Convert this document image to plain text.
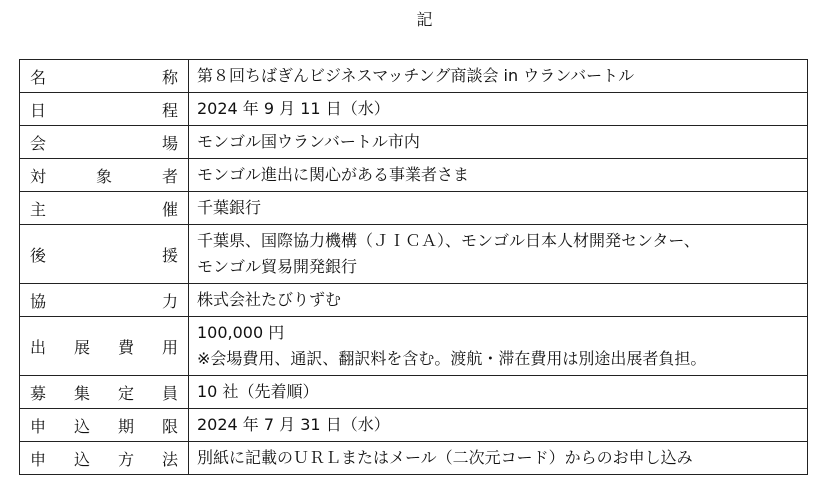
記
名 称	第８回ちばぎんビジネスマッチング商談会 in ウランバートル

日 程	2024 年 9 月 11 日（水）

会 場	モンゴル国ウランバートル市内

対 象 者	モンゴル進出に関心がある事業者さま

主 催	千葉銀行

後 援	千葉県、国際協力機構（ＪＩＣＡ）、モンゴル日本人材開発センター、
モンゴル貿易開発銀行

協 力	株式会社たびりずむ

出 展 費 用	100,000 円
※会場費用、通訳、翻訳料を含む。渡航・滞在費用は別途出展者負担。

募 集 定 員	10 社（先着順）

申 込 期 限	2024 年 7 月 31 日（水）

申 込 方 法	別紙に記載のＵＲＬまたはメール（二次元コード）からのお申し込み
